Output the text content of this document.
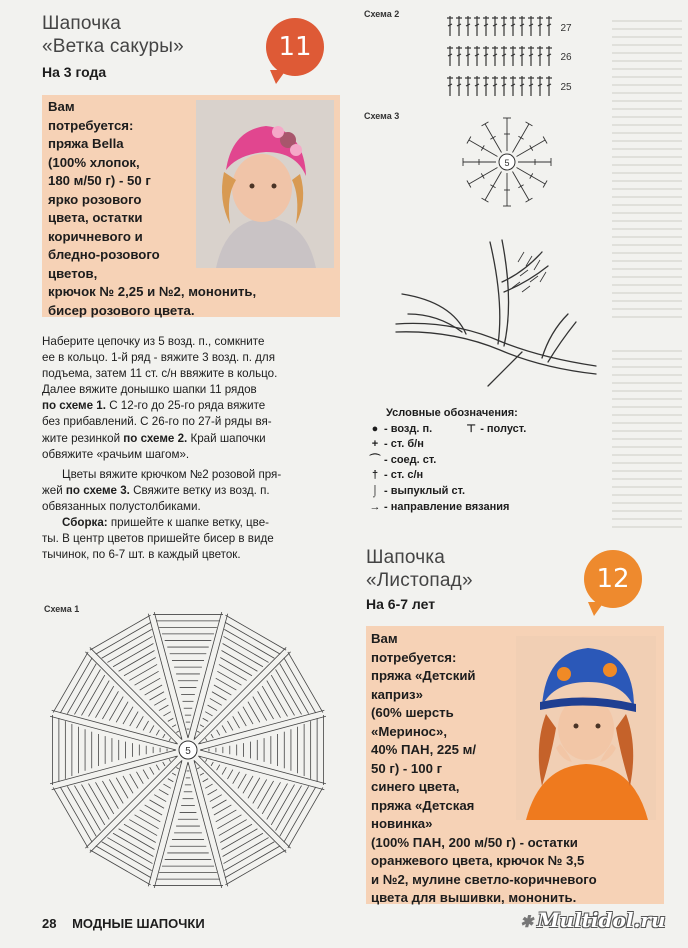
Шапочка
«Ветка сакуры»
На 3 года
11
Вам
потребуется:
пряжа Bella
(100% хлопок,
180 м/50 г) - 50 г
ярко розового
цвета, остатки
коричневого и
бледно-розового
цветов,
крючок № 2,25 и №2, мононить,
бисер розового цвета.
Наберите цепочку из 5 возд. п., сомкните
ее в кольцо. 1-й ряд - вяжите 3 возд. п. для
подъема, затем 11 ст. с/н ввяжите в кольцо.
Далее вяжите донышко шапки 11 рядов
по схеме 1. С 12-го до 25-го ряда вяжите
без прибавлений. С 26-го по 27-й ряды вя-
жите резинкой по схеме 2. Край шапочки
обвяжите «рачьим шагом».
Цветы вяжите крючком №2 розовой пря-
жей по схеме 3. Свяжите ветку из возд. п.
обвязанных полустолбиками.
Сборка: пришейте к шапке ветку, цве-
ты. В центр цветов пришейте бисер в виде
тычинок, по 6-7 шт. в каждый цветок.
Схема 1
5
Схема 2
27
26
25
Схема 3
5
Условные обозначения:
● - возд. п.	⊤ - полуст.
+ - ст. б/н
⌒ - соед. ст.
† - ст. с/н
⌡ - выпуклый ст.
→ - направление вязания
Шапочка
«Листопад»
На 6-7 лет
12
Вам
потребуется:
пряжа «Детский
каприз»
(60% шерсть
«Меринос»,
40% ПАН, 225 м/
50 г) - 100 г
синего цвета,
пряжа «Детская
новинка»
(100% ПАН, 200 м/50 г) - остатки
оранжевого цвета, крючок № 3,5
и №2, мулине светло-коричневого
цвета для вышивки, мононить.
28 МОДНЫЕ ШАПОЧКИ	✱ Multidol.ru
